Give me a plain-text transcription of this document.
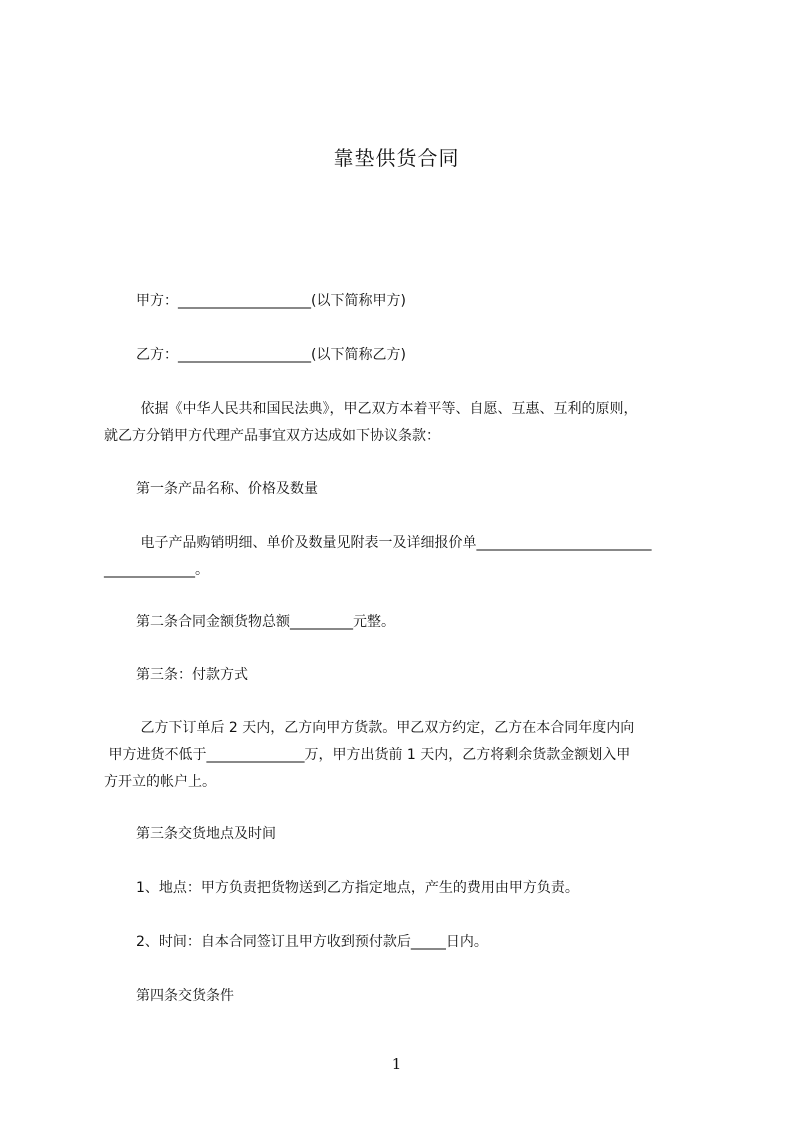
靠垫供货合同

甲方：___________________(以下简称甲方)

乙方：___________________(以下简称乙方)

依据《中华人民共和国民法典》，甲乙双方本着平等、自愿、互惠、互利的原则，

就乙方分销甲方代理产品事宜双方达成如下协议条款：

第一条产品名称、价格及数量

电子产品购销明细、单价及数量见附表一及详细报价单_________________________

_____________。

第二条合同金额货物总额_________元整。

第三条：付款方式

乙方下订单后 2 天内，乙方向甲方货款。甲乙双方约定，乙方在本合同年度内向

甲方进货不低于______________万，甲方出货前 1 天内，乙方将剩余货款金额划入甲

方开立的帐户上。

第三条交货地点及时间

1、地点：甲方负责把货物送到乙方指定地点，产生的费用由甲方负责。

2、时间：自本合同签订且甲方收到预付款后_____日内。

第四条交货条件

1
